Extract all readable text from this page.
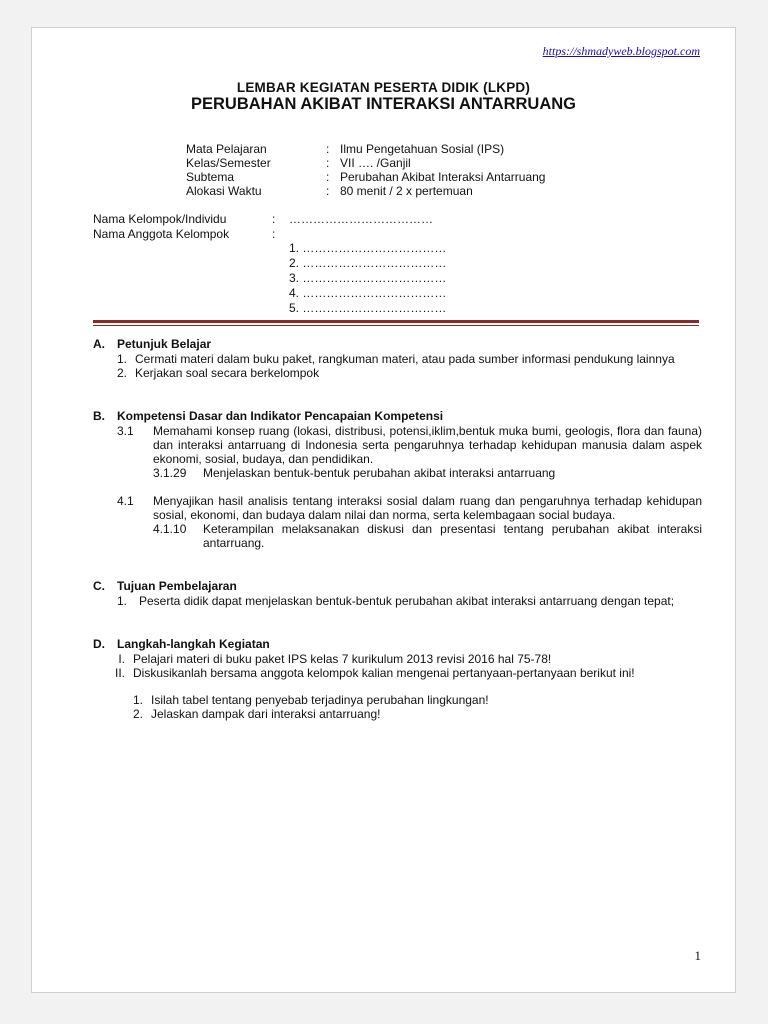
https://shmadyweb.blogspot.com
LEMBAR KEGIATAN PESERTA DIDIK (LKPD)
PERUBAHAN AKIBAT INTERAKSI ANTARRUANG
Mata Pelajaran	: Ilmu Pengetahuan Sosial (IPS)
Kelas/Semester	: VII …. /Ganjil
Subtema	: Perubahan Akibat Interaksi Antarruang
Alokasi Waktu	: 80 menit / 2 x pertemuan
Nama Kelompok/Individu	:	………………………………
Nama Anggota Kelompok	:
1. ………………………………
2. ………………………………
3. ………………………………
4. ………………………………
5. ………………………………
A.	Petunjuk Belajar
1. Cermati materi dalam buku paket, rangkuman materi, atau pada sumber informasi pendukung lainnya
2. Kerjakan soal secara berkelompok
B.	Kompetensi Dasar dan Indikator Pencapaian Kompetensi
3.1	Memahami konsep ruang (lokasi, distribusi, potensi,iklim,bentuk muka bumi, geologis, flora dan fauna) dan interaksi antarruang di Indonesia serta pengaruhnya terhadap kehidupan manusia dalam aspek ekonomi, sosial, budaya, dan pendidikan.
3.1.29	Menjelaskan bentuk-bentuk perubahan akibat interaksi antarruang
4.1	Menyajikan hasil analisis tentang interaksi sosial dalam ruang dan pengaruhnya terhadap kehidupan sosial, ekonomi, dan budaya dalam nilai dan norma, serta kelembagaan social budaya.
4.1.10	Keterampilan melaksanakan diskusi dan presentasi tentang perubahan akibat interaksi antarruang.
C.	Tujuan Pembelajaran
1. Peserta didik dapat menjelaskan bentuk-bentuk perubahan akibat interaksi antarruang dengan tepat;
D.	Langkah-langkah Kegiatan
I. Pelajari materi di buku paket IPS kelas 7 kurikulum 2013 revisi 2016 hal 75-78!
II. Diskusikanlah bersama anggota kelompok kalian mengenai pertanyaan-pertanyaan berikut ini!
1. Isilah tabel tentang penyebab terjadinya perubahan lingkungan!
2. Jelaskan dampak dari interaksi antarruang!
1
